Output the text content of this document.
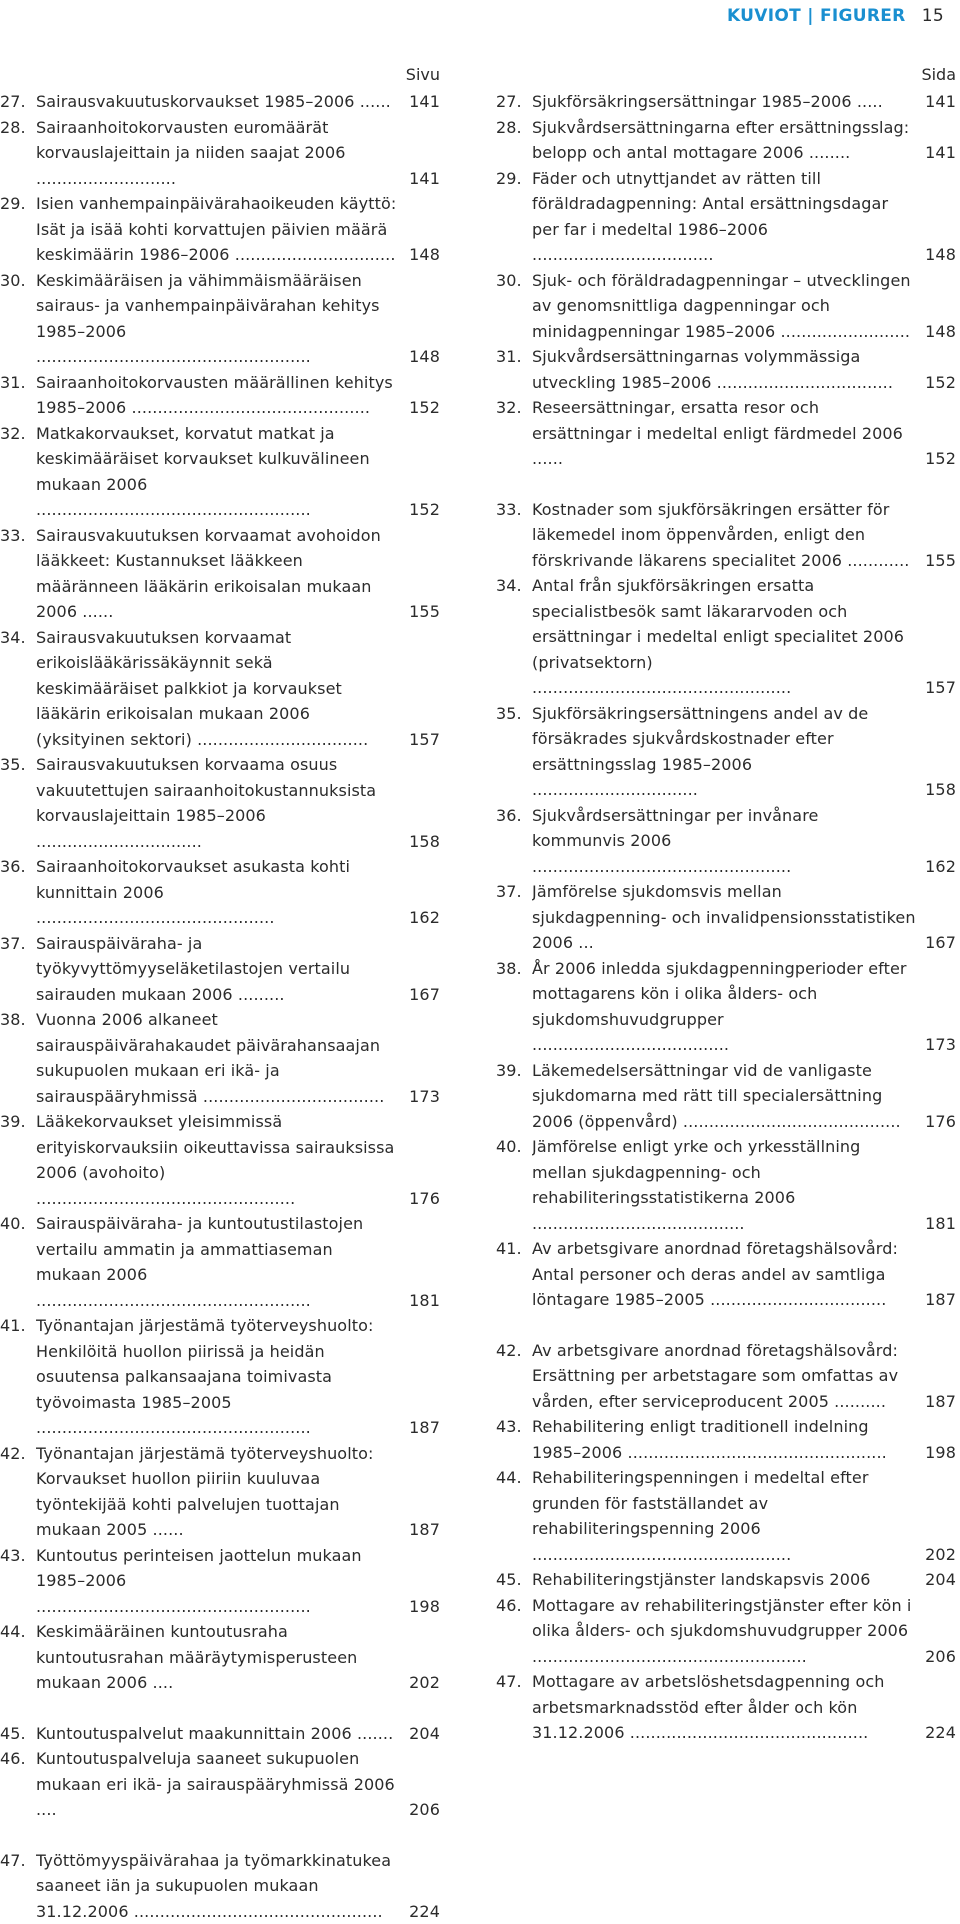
KUVIOT | FIGURER 15
Sivu
27. Sairausvakuutuskorvaukset 1985–2006 ......	141
28. Sairaanhoitokorvausten euromäärät korvauslajeittain ja niiden saajat 2006 ...........................	141
29. Isien vanhempainpäivärahaoikeuden käyttö: Isät ja isää kohti korvattujen päivien määrä keskimäärin 1986–2006 ............................... 148
30. Keskimääräisen ja vähimmäismääräisen sairaus- ja vanhempainpäivärahan kehitys 1985–2006 .....................................................	148
31. Sairaanhoitokorvausten määrällinen kehitys 1985–2006 ..............................................	152
32. Matkakorvaukset, korvatut matkat ja keskimääräiset korvaukset kulkuvälineen mukaan 2006 .....................................................	152
33. Sairausvakuutuksen korvaamat avohoidon lääkkeet: Kustannukset lääkkeen määränneen lääkärin erikoisalan mukaan 2006 ......	155
34. Sairausvakuutuksen korvaamat erikoislääkärissäkäynnit sekä keskimääräiset palkkiot ja korvaukset lääkärin erikoisalan mukaan 2006 (yksityinen sektori) .................................	157
35. Sairausvakuutuksen korvaama osuus vakuutettujen sairaanhoitokustannuksista korvauslajeittain 1985–2006 ................................	158
36. Sairaanhoitokorvaukset asukasta kohti kunnittain 2006 ..............................................	162
37. Sairauspäiväraha- ja työkyvyttömyyseläketilastojen vertailu sairauden mukaan 2006 .........	167
38. Vuonna 2006 alkaneet sairauspäivärahakaudet päivärahansaajan sukupuolen mukaan eri ikä- ja sairauspääryhmissä ...................................	173
39. Lääkekorvaukset yleisimmissä erityiskorvauksiin oikeuttavissa sairauksissa 2006 (avohoito) ..................................................	176
40. Sairauspäiväraha- ja kuntoutustilastojen vertailu ammatin ja ammattiaseman mukaan 2006 .....................................................	181
41. Työnantajan järjestämä työterveyshuolto: Henkilöitä huollon piirissä ja heidän osuutensa palkansaajana toimivasta työvoimasta 1985–2005 .....................................................	187
42. Työnantajan järjestämä työterveyshuolto: Korvaukset huollon piiriin kuuluvaa työntekijää kohti palvelujen tuottajan mukaan 2005 ......	187
43. Kuntoutus perinteisen jaottelun mukaan 1985–2006 .....................................................	198
44. Keskimääräinen kuntoutusraha kuntoutusrahan määräytymisperusteen mukaan 2006 ....	202
45. Kuntoutuspalvelut maakunnittain 2006 ....... 204
46. Kuntoutuspalveluja saaneet sukupuolen mukaan eri ikä- ja sairauspääryhmissä 2006 ....	206
47. Työttömyyspäivärahaa ja työmarkkinatukea saaneet iän ja sukupuolen mukaan 31.12.2006 ................................................	224
Sida
27. Sjukförsäkringsersättningar 1985–2006 .....	141
28. Sjukvårdsersättningarna efter ersättningsslag: belopp och antal mottagare 2006 ........	141
29. Fäder och utnyttjandet av rätten till föräldradagpenning: Antal ersättningsdagar per far i medeltal 1986–2006 ...................................	148
30. Sjuk- och föräldradagpenningar – utvecklingen av genomsnittliga dagpenningar och minidagpenningar 1985–2006 ......................... 148
31. Sjukvårdsersättningarnas volymmässiga utveckling 1985–2006 ..................................	152
32. Reseersättningar, ersatta resor och ersättningar i medeltal enligt färdmedel 2006 ......	152
33. Kostnader som sjukförsäkringen ersätter för läkemedel inom öppenvården, enligt den förskrivande läkarens specialitet 2006 ............ 155
34. Antal från sjukförsäkringen ersatta specialistbesök samt läkararvoden och ersättningar i medeltal enligt specialitet 2006 (privatsektorn) ..................................................	157
35. Sjukförsäkringsersättningens andel av de försäkrades sjukvårdskostnader efter ersättningsslag 1985–2006 ................................	158
36. Sjukvårdsersättningar per invånare kommunvis 2006 ..................................................	162
37. Jämförelse sjukdomsvis mellan sjukdagpenning- och invalidpensionsstatistiken 2006 ...	167
38. År 2006 inledda sjukdagpenningperioder efter mottagarens kön i olika ålders- och sjukdomshuvudgrupper ......................................	173
39. Läkemedelsersättningar vid de vanligaste sjukdomarna med rätt till specialersättning 2006 (öppenvård) ..........................................	176
40. Jämförelse enligt yrke och yrkesställning mellan sjukdagpenning- och rehabiliteringsstatistikerna 2006 .........................................	181
41. Av arbetsgivare anordnad företagshälsovård: Antal personer och deras andel av samtliga löntagare 1985–2005 ..................................	187
42. Av arbetsgivare anordnad företagshälsovård: Ersättning per arbetstagare som omfattas av vården, efter serviceproducent 2005 ..........	187
43. Rehabilitering enligt traditionell indelning 1985–2006 ..................................................	198
44. Rehabiliteringspenningen i medeltal efter grunden för fastställandet av rehabiliteringspenning 2006 ..................................................	202
45. Rehabiliteringstjänster landskapsvis 2006	204
46. Mottagare av rehabiliteringstjänster efter kön i olika ålders- och sjukdomshuvudgrupper 2006 .....................................................	206
47. Mottagare av arbetslöshetsdagpenning och arbetsmarknadsstöd efter ålder och kön 31.12.2006 ..............................................	224
